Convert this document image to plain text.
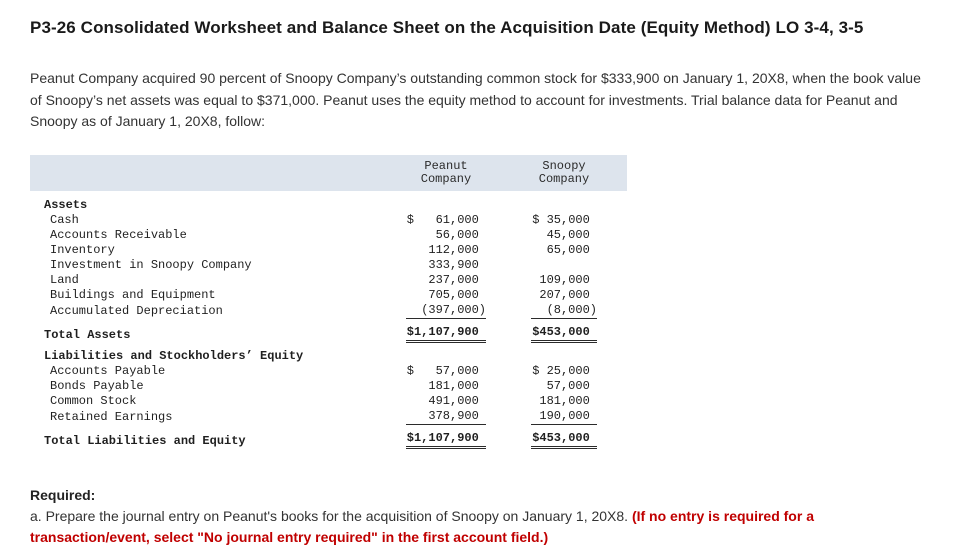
P3-26 Consolidated Worksheet and Balance Sheet on the Acquisition Date (Equity Method) LO 3-4, 3-5
Peanut Company acquired 90 percent of Snoopy Company’s outstanding common stock for $333,900 on January 1, 20X8, when the book value of Snoopy’s net assets was equal to $371,000. Peanut uses the equity method to account for investments. Trial balance data for Peanut and Snoopy as of January 1, 20X8, follow:
Peanut
Company
Snoopy
Company
Assets
Cash	$   61,000	$ 35,000
Accounts Receivable	56,000	45,000
Inventory	112,000	65,000
Investment in Snoopy Company	333,900
Land	237,000	109,000
Buildings and Equipment	705,000	207,000
Accumulated Depreciation	(397,000)	(8,000)
Total Assets	$1,107,900	$453,000
Liabilities and Stockholders’ Equity
Accounts Payable	$   57,000	$ 25,000
Bonds Payable	181,000	57,000
Common Stock	491,000	181,000
Retained Earnings	378,900	190,000
Total Liabilities and Equity	$1,107,900	$453,000
Required:
a. Prepare the journal entry on Peanut's books for the acquisition of Snoopy on January 1, 20X8. (If no entry is required for a transaction/event, select "No journal entry required" in the first account field.)
